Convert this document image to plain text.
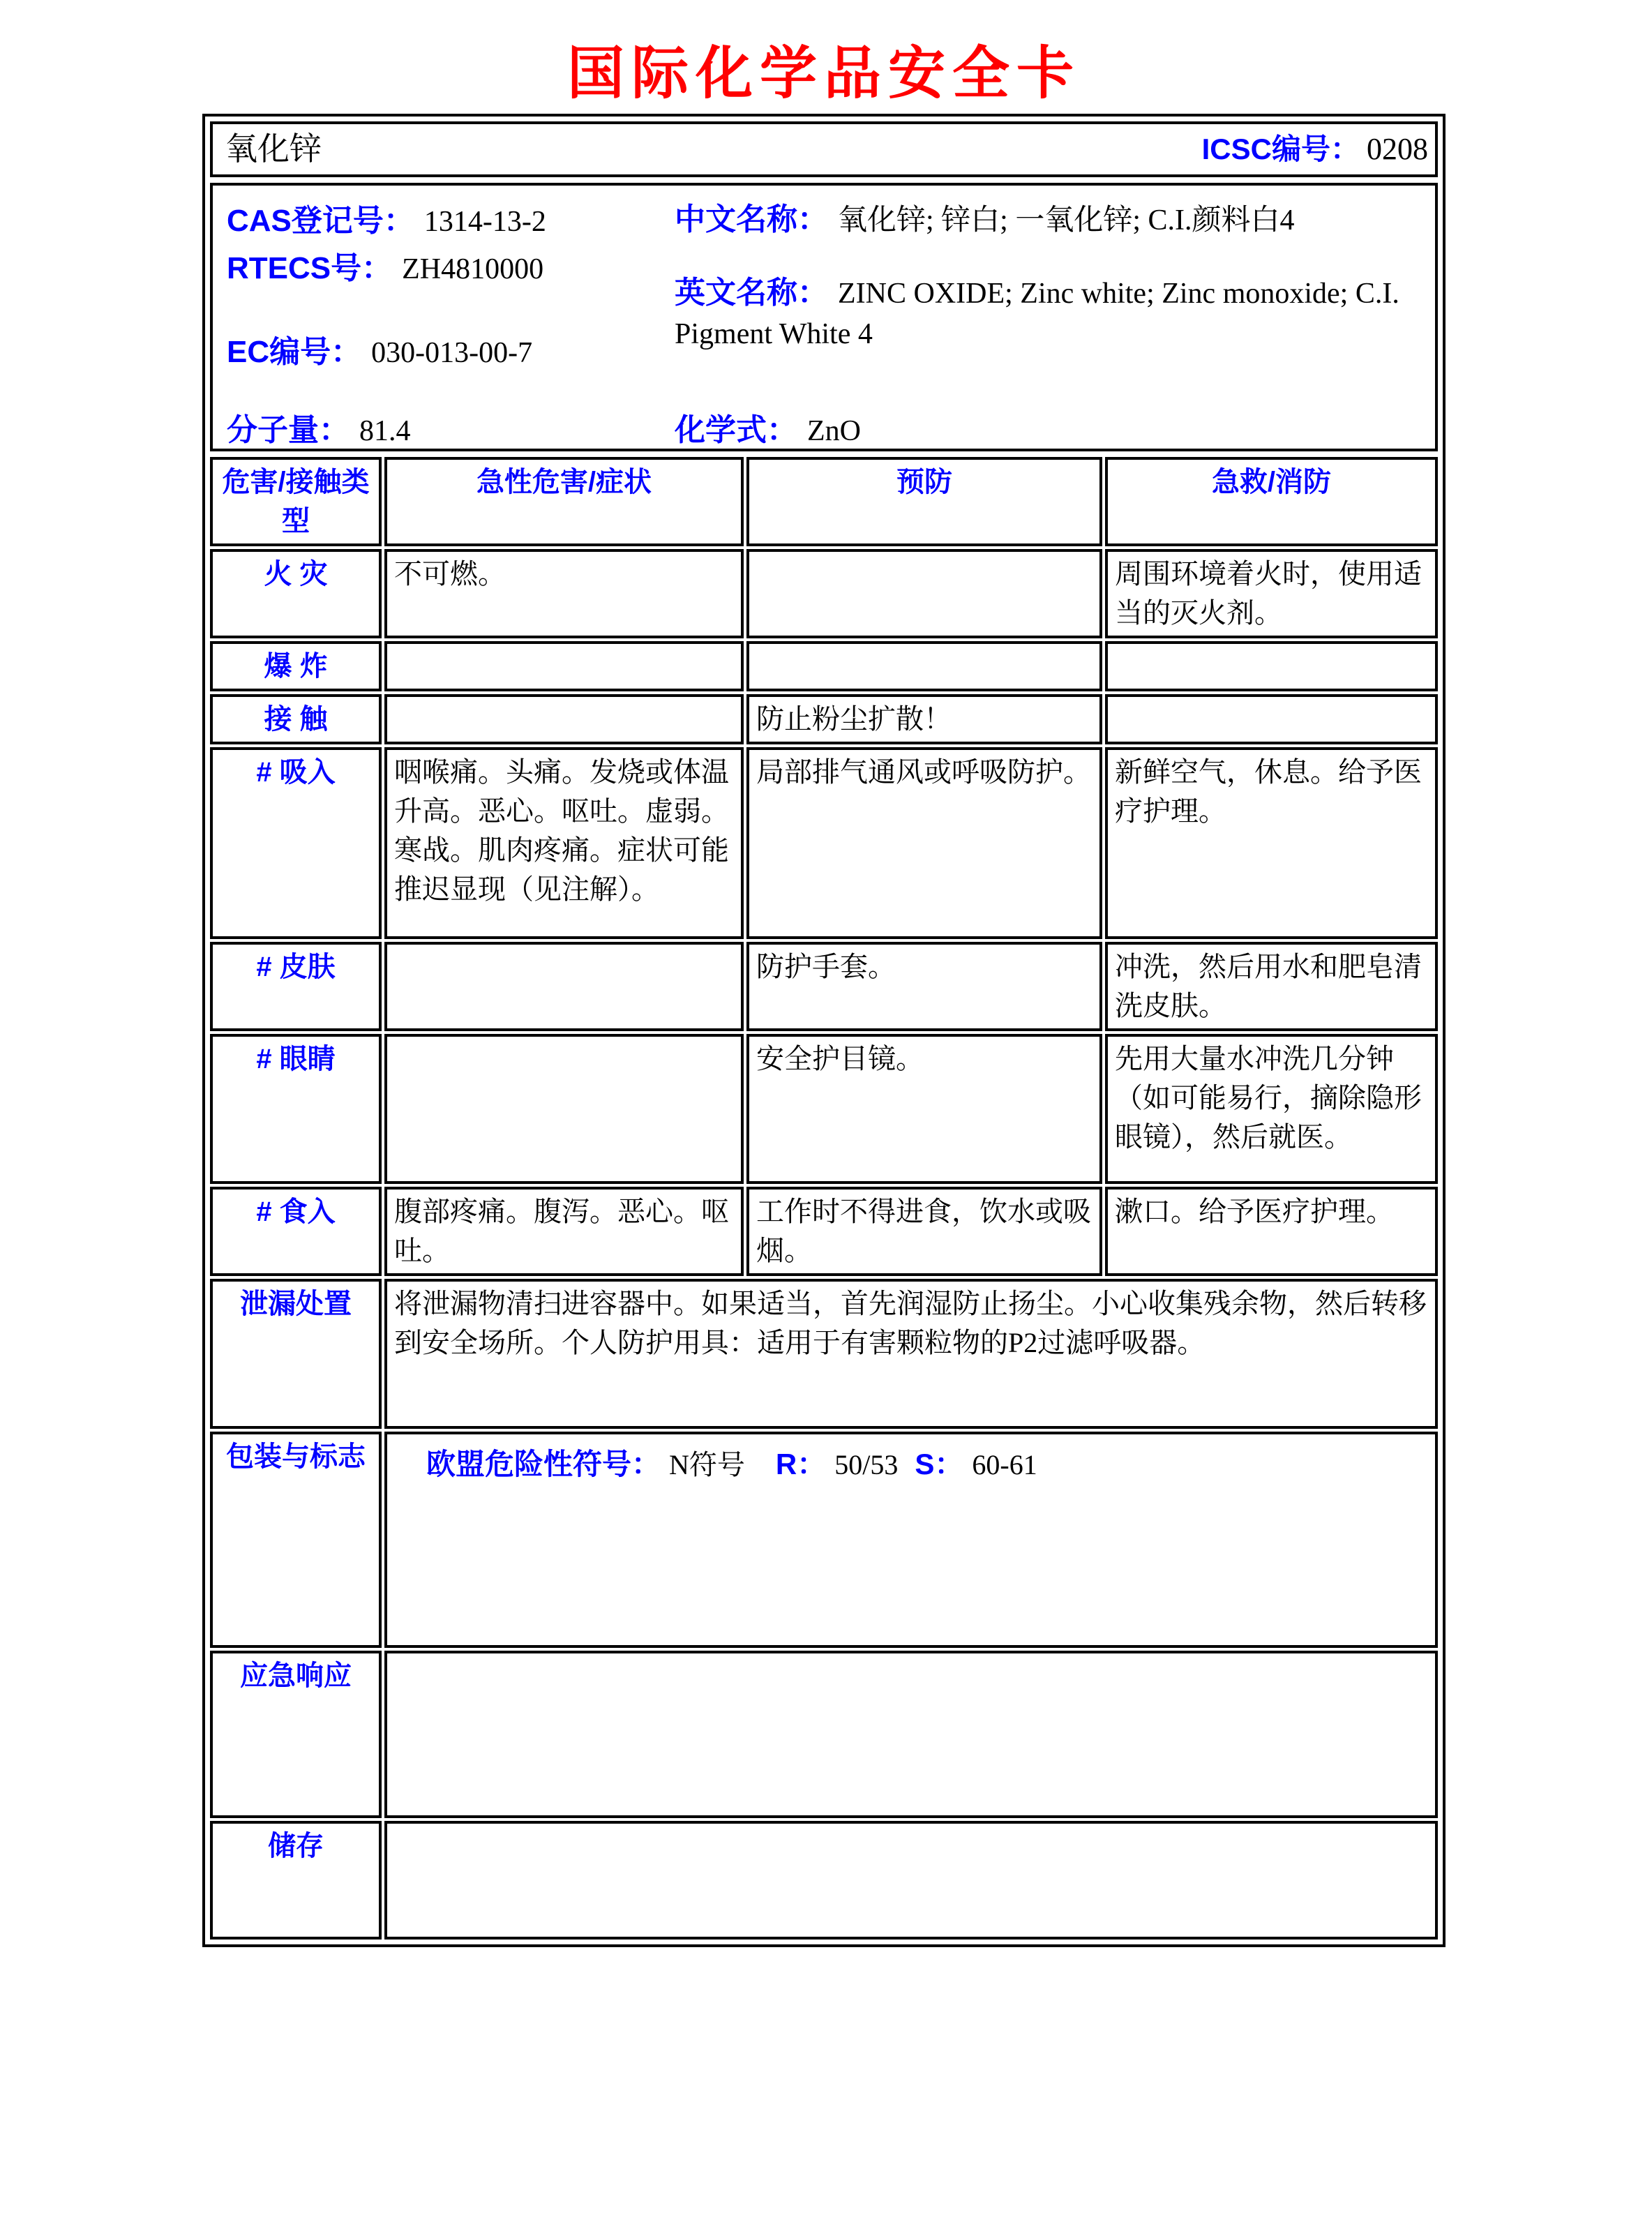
国际化学品安全卡
氧化锌	ICSC编号： 0208
CAS登记号： 1314-13-2
RTECS号： ZH4810000
EC编号： 030-013-00-7
中文名称： 氧化锌; 锌白; 一氧化锌; C.I.颜料白4
英文名称： ZINC OXIDE; Zinc white; Zinc monoxide; C.I. Pigment White 4
分子量： 81.4	化学式： ZnO
危害/接触类型	急性危害/症状	预防	急救/消防
火 灾	不可燃。		周围环境着火时，使用适当的灭火剂。
爆 炸			
接 触		防止粉尘扩散！	
# 吸入	咽喉痛。头痛。发烧或体温升高。恶心。呕吐。虚弱。寒战。肌肉疼痛。症状可能推迟显现（见注解）。	局部排气通风或呼吸防护。	新鲜空气，休息。给予医疗护理。
# 皮肤		防护手套。	冲洗，然后用水和肥皂清洗皮肤。
# 眼睛		安全护目镜。	先用大量水冲洗几分钟（如可能易行，摘除隐形眼镜），然后就医。
# 食入	腹部疼痛。腹泻。恶心。呕吐。	工作时不得进食，饮水或吸烟。	漱口。给予医疗护理。
泄漏处置	将泄漏物清扫进容器中。如果适当，首先润湿防止扬尘。小心收集残余物，然后转移到安全场所。个人防护用具：适用于有害颗粒物的P2过滤呼吸器。		
包装与标志	欧盟危险性符号： N符号 R： 50/53 S： 60-61		

应急响应			
储存			
